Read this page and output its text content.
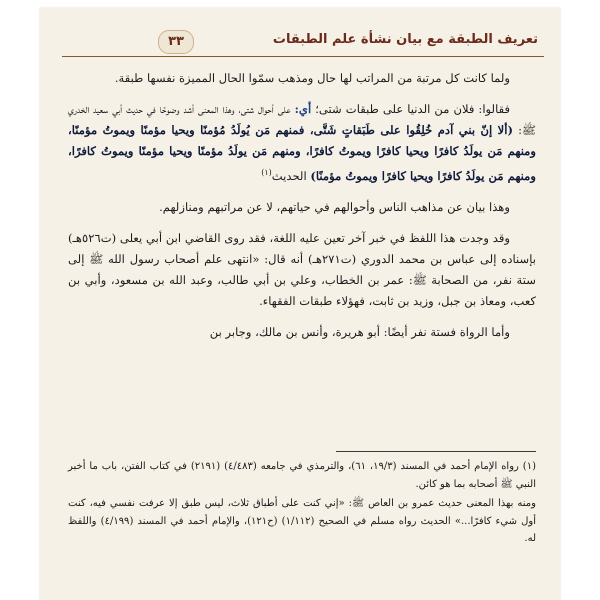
٣٣	تعريف الطبقة مع بيان نشأة علم الطبقات

ولما كانت كل مرتبة من المراتب لها حال ومذهب سمّوا الحال المميزة نفسها طبقة.

فقالوا: فلان من الدنيا على طبقات شتى؛ أي: على أحوال شتى، وهذا المعنى أشد وضوحًا في حديث أبي سعيد الخدري ﷺ: (ألا إنّ بني آدم خُلِقُوا على طَبَقاتٍ شَتَّى، فمنهم مَن يُولَدُ مُؤمنًا ويحيا مؤمنًا ويموتُ مؤمنًا، ومنهم مَن يولَدُ كافرًا ويحيا كافرًا ويموتُ كافرًا، ومنهم مَن يولَدُ مؤمنًا ويحيا مؤمنًا ويموتُ كافرًا، ومنهم مَن يولَدُ كافرًا ويحيا كافرًا ويموتُ مؤمنًا) الحديث$^{(١)}$

وهذا بيان عن مذاهب الناس وأحوالهم في حياتهم، لا عن مراتبهم ومنازلهم.

وقد وجدت هذا اللفظ في خبر آخر تعين عليه اللغة، فقد روى القاضي ابن أبي يعلى (ت٥٢٦هـ) بإسناده إلى عباس بن محمد الدوري (ت٢٧١هـ) أنه قال: «انتهى علم أصحاب رسول الله ﷺ إلى ستة نفر، من الصحابة ﷺ: عمر بن الخطاب، وعلي بن أبي طالب، وعبد الله بن مسعود، وأبي بن كعب، ومعاذ بن جبل، وزيد بن ثابت، فهؤلاء طبقات الفقهاء.

وأما الرواة فستة نفر أيضًا: أبو هريرة، وأنس بن مالك، وجابر بن

(١) رواه الإمام أحمد في المسند (١٩/٣، ٦١)، والترمذي في جامعه (٤/٤٨٣) (٢١٩١) في كتاب الفتن، باب ما أخبر النبي ﷺ أصحابه بما هو كائن.

ومنه بهذا المعنى حديث عمرو بن العاص ﷺ: «إني كنت على أطباق ثلاث، ليس طبق إلا عرفت نفسي فيه، كنت أول شيء كافرًا...» الحديث رواه مسلم في الصحيح (١/١١٢) (ح١٢١)، والإمام أحمد في المسند (٤/١٩٩) واللفظ له.
